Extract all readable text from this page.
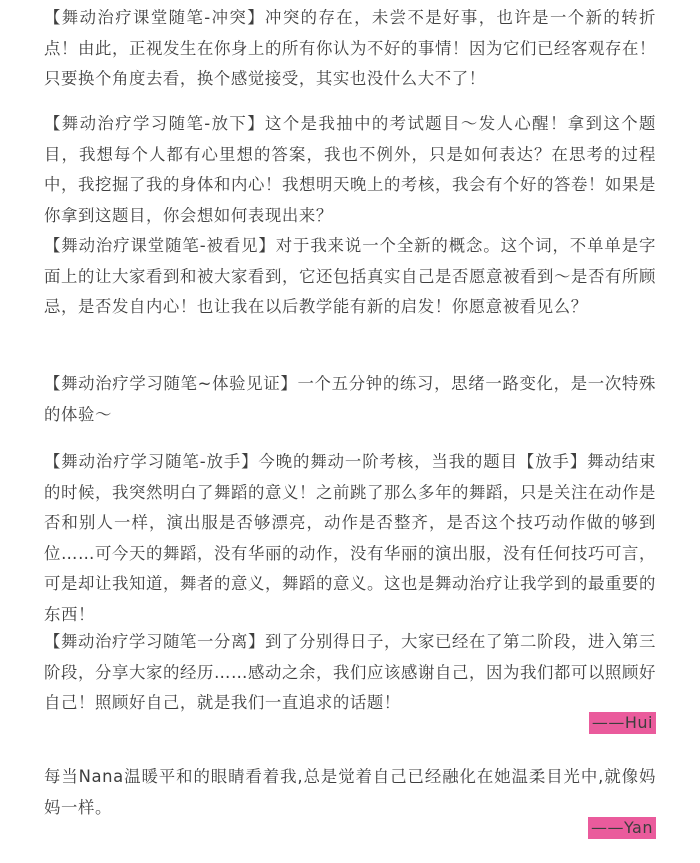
【舞动治疗课堂随笔-冲突】冲突的存在，未尝不是好事，也许是一个新的转折点！由此，正视发生在你身上的所有你认为不好的事情！因为它们已经客观存在！只要换个角度去看，换个感觉接受，其实也没什么大不了！

【舞动治疗学习随笔-放下】这个是我抽中的考试题目～发人心醒！拿到这个题目，我想每个人都有心里想的答案，我也不例外，只是如何表达？在思考的过程中，我挖掘了我的身体和内心！我想明天晚上的考核，我会有个好的答卷！如果是你拿到这题目，你会想如何表现出来？

【舞动治疗课堂随笔-被看见】对于我来说一个全新的概念。这个词，不单单是字面上的让大家看到和被大家看到，它还包括真实自己是否愿意被看到～是否有所顾忌，是否发自内心！也让我在以后教学能有新的启发！你愿意被看见么？

【舞动治疗学习随笔~体验见证】一个五分钟的练习，思绪一路变化，是一次特殊的体验～

【舞动治疗学习随笔-放手】今晚的舞动一阶考核，当我的题目【放手】舞动结束的时候，我突然明白了舞蹈的意义！之前跳了那么多年的舞蹈，只是关注在动作是否和别人一样，演出服是否够漂亮，动作是否整齐，是否这个技巧动作做的够到位……可今天的舞蹈，没有华丽的动作，没有华丽的演出服，没有任何技巧可言，可是却让我知道，舞者的意义，舞蹈的意义。这也是舞动治疗让我学到的最重要的东西！

【舞动治疗学习随笔一分离】到了分别得日子，大家已经在了第二阶段，进入第三阶段，分享大家的经历……感动之余，我们应该感谢自己，因为我们都可以照顾好自己！照顾好自己，就是我们一直追求的话题！

——Hui

每当Nana温暖平和的眼睛看着我,总是觉着自己已经融化在她温柔目光中,就像妈妈一样。

——Yan
